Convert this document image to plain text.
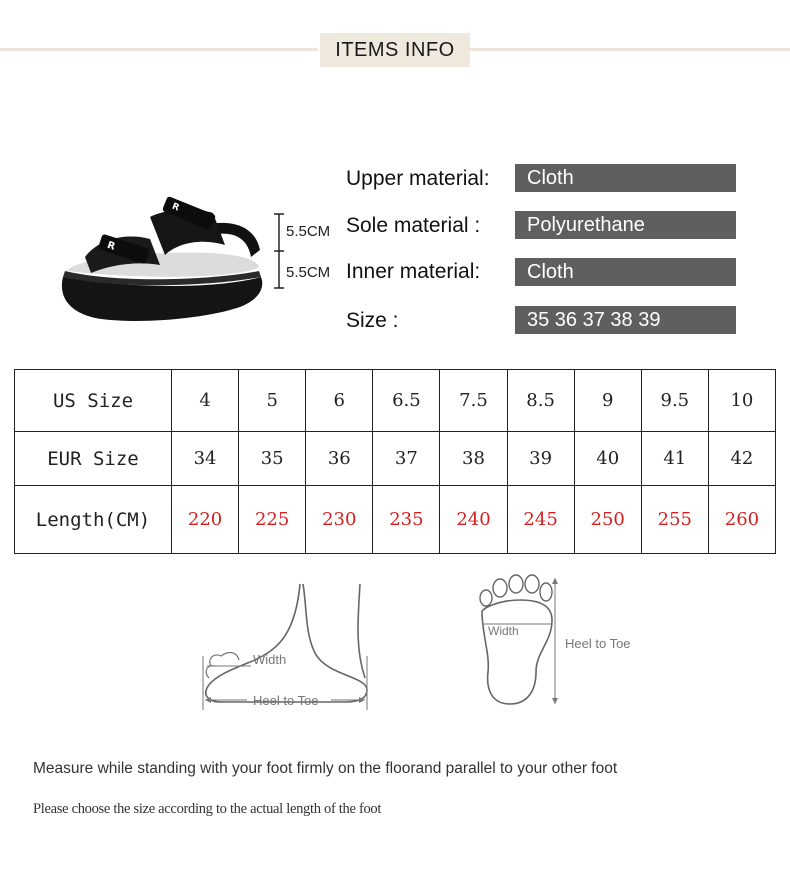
ITEMS INFO
R
R
5.5CM
5.5CM
Upper material:	Cloth
Sole material :	Polyurethane
Inner material:	Cloth
Size :	35 36 37 38 39
US Size	4	5	6	6.5	7.5	8.5	9	9.5	10
EUR Size	34	35	36	37	38	39	40	41	42
Length(CM)	220	225	230	235	240	245	250	255	260
Width
Heel to Toe
Width
Heel to Toe
Measure while standing with your foot firmly on the floorand parallel to your other foot
Please choose the size according to the actual length of the foot
